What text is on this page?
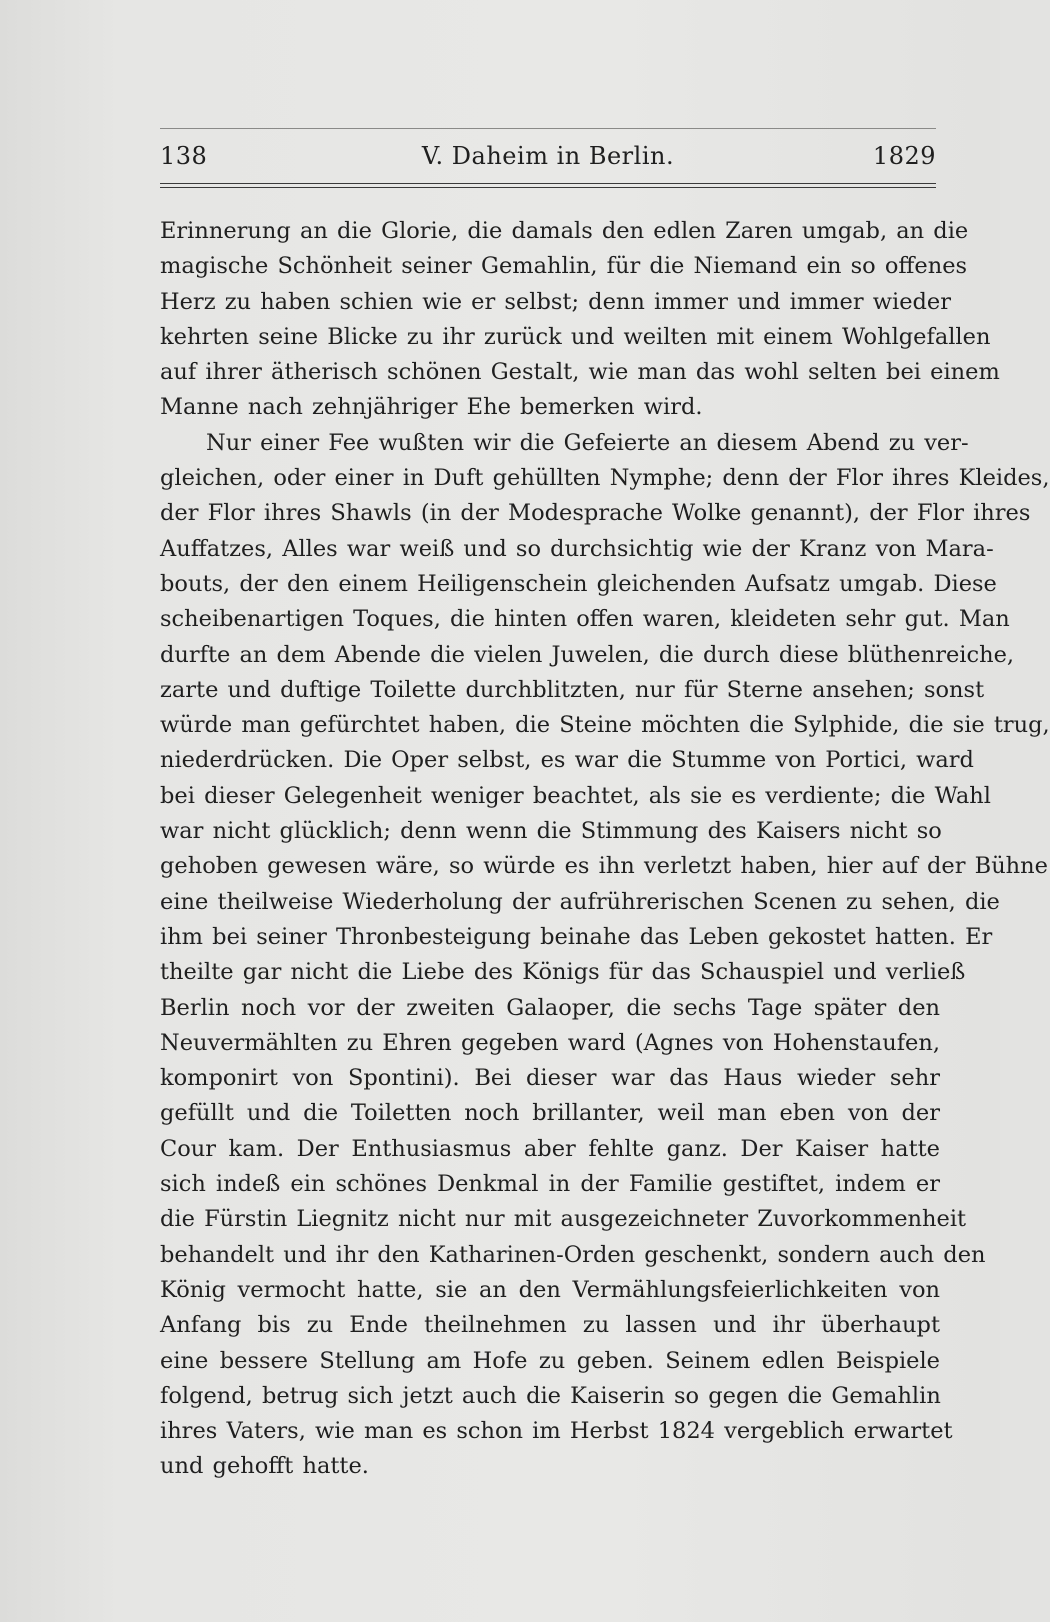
138	V. Daheim in Berlin.	1829
Erinnerung an die Glorie, die damals den edlen Zaren umgab, an die
magische Schönheit seiner Gemahlin, für die Niemand ein so offenes
Herz zu haben schien wie er selbst; denn immer und immer wieder
kehrten seine Blicke zu ihr zurück und weilten mit einem Wohlgefallen
auf ihrer ätherisch schönen Gestalt, wie man das wohl selten bei einem
Manne nach zehnjähriger Ehe bemerken wird.
Nur einer Fee wußten wir die Gefeierte an diesem Abend zu ver-
gleichen, oder einer in Duft gehüllten Nymphe; denn der Flor ihres Kleides,
der Flor ihres Shawls (in der Modesprache Wolke genannt), der Flor ihres
Auffatzes, Alles war weiß und so durchsichtig wie der Kranz von Mara-
bouts, der den einem Heiligenschein gleichenden Aufsatz umgab. Diese
scheibenartigen Toques, die hinten offen waren, kleideten sehr gut. Man
durfte an dem Abende die vielen Juwelen, die durch diese blüthenreiche,
zarte und duftige Toilette durchblitzten, nur für Sterne ansehen; sonst
würde man gefürchtet haben, die Steine möchten die Sylphide, die sie trug,
niederdrücken. Die Oper selbst, es war die Stumme von Portici, ward
bei dieser Gelegenheit weniger beachtet, als sie es verdiente; die Wahl
war nicht glücklich; denn wenn die Stimmung des Kaisers nicht so
gehoben gewesen wäre, so würde es ihn verletzt haben, hier auf der Bühne
eine theilweise Wiederholung der aufrührerischen Scenen zu sehen, die
ihm bei seiner Thronbesteigung beinahe das Leben gekostet hatten. Er
theilte gar nicht die Liebe des Königs für das Schauspiel und verließ
Berlin noch vor der zweiten Galaoper, die sechs Tage später den
Neuvermählten zu Ehren gegeben ward (Agnes von Hohenstaufen,
komponirt von Spontini). Bei dieser war das Haus wieder sehr
gefüllt und die Toiletten noch brillanter, weil man eben von der
Cour kam. Der Enthusiasmus aber fehlte ganz. Der Kaiser hatte
sich indeß ein schönes Denkmal in der Familie gestiftet, indem er
die Fürstin Liegnitz nicht nur mit ausgezeichneter Zuvorkommenheit
behandelt und ihr den Katharinen-Orden geschenkt, sondern auch den
König vermocht hatte, sie an den Vermählungsfeierlichkeiten von
Anfang bis zu Ende theilnehmen zu lassen und ihr überhaupt
eine bessere Stellung am Hofe zu geben. Seinem edlen Beispiele
folgend, betrug sich jetzt auch die Kaiserin so gegen die Gemahlin
ihres Vaters, wie man es schon im Herbst 1824 vergeblich erwartet
und gehofft hatte.
